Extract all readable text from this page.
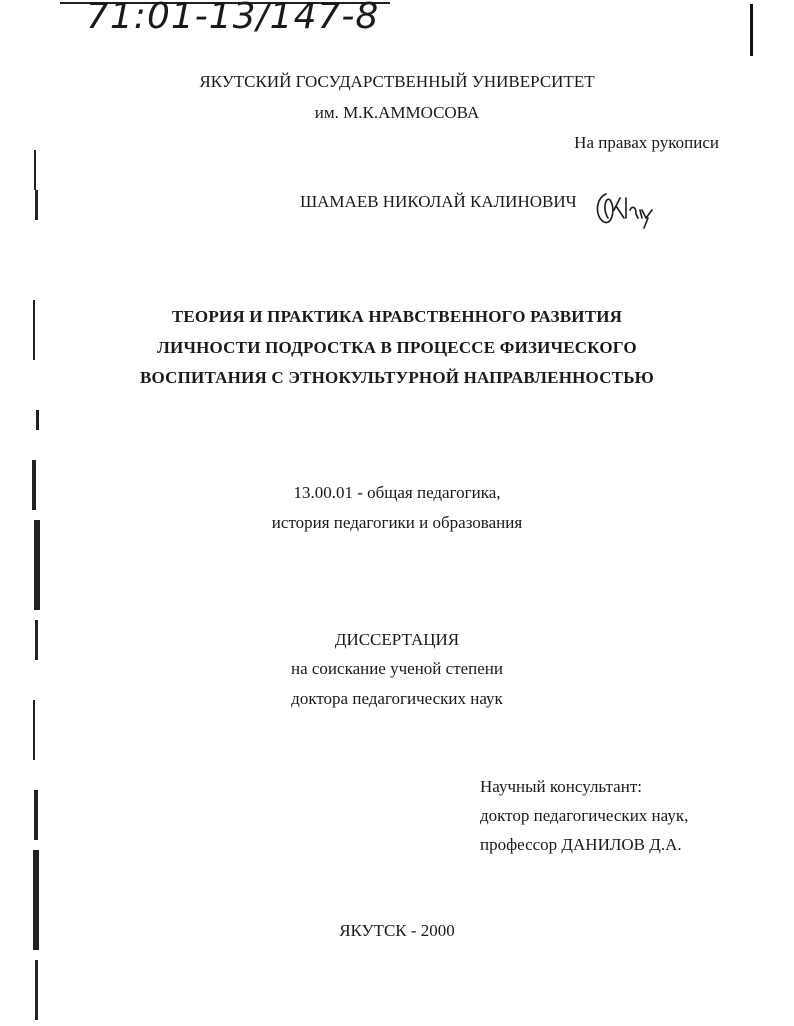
71:01-13/147-8
ЯКУТСКИЙ ГОСУДАРСТВЕННЫЙ УНИВЕРСИТЕТ
им. М.К.АММОСОВА
На правах рукописи
ШАМАЕВ НИКОЛАЙ КАЛИНОВИЧ
ТЕОРИЯ И ПРАКТИКА НРАВСТВЕННОГО РАЗВИТИЯ
ЛИЧНОСТИ ПОДРОСТКА В ПРОЦЕССЕ ФИЗИЧЕСКОГО
ВОСПИТАНИЯ С ЭТНОКУЛЬТУРНОЙ НАПРАВЛЕННОСТЬЮ
13.00.01 - общая педагогика,
история педагогики и образования
ДИССЕРТАЦИЯ
на соискание ученой степени
доктора педагогических наук
Научный консультант:
доктор педагогических наук,
профессор ДАНИЛОВ Д.А.
ЯКУТСК - 2000
